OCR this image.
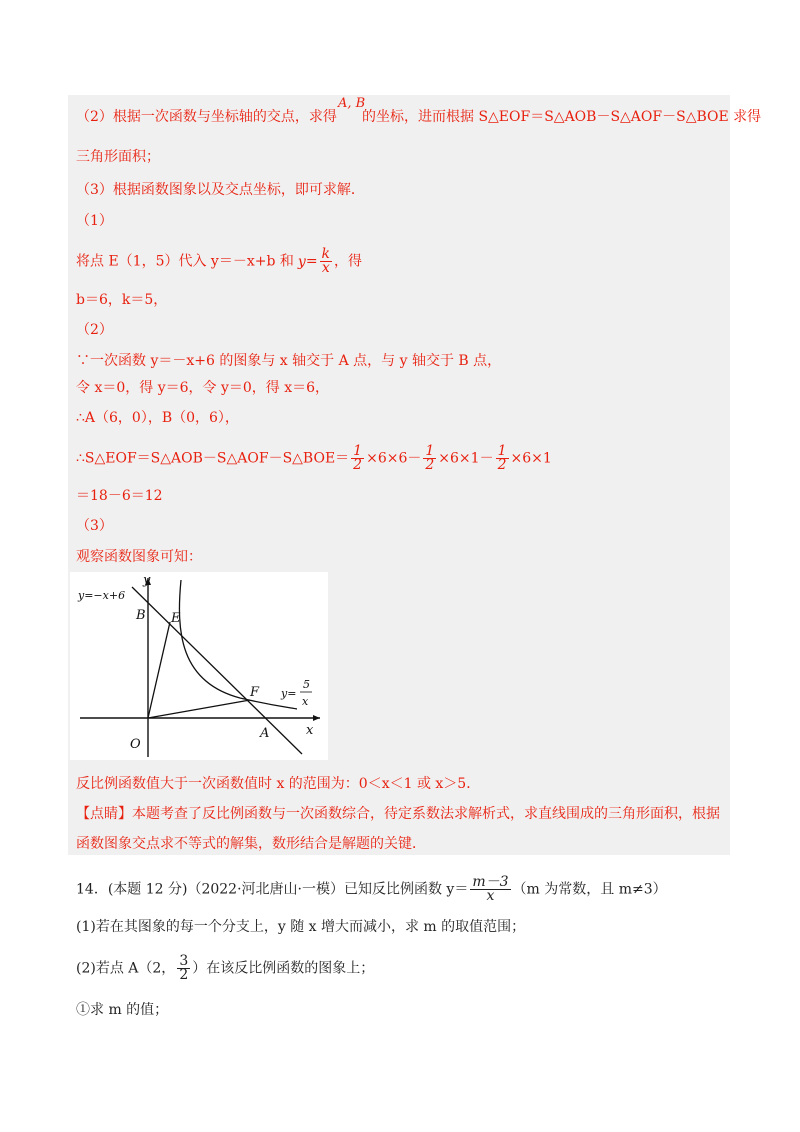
（2）根据一次函数与坐标轴的交点，求得
A, B
的坐标，进而根据 S△EOF＝S△AOB－S△AOF－S△BOE 求得
三角形面积；
（3）根据函数图象以及交点坐标，即可求解．
（1）
将点 E（1，5）代入 y＝－x+b 和 $y= \frac{k}{x}$ ，得
b＝6，k＝5，
（2）
∵一次函数 y＝－x+6 的图象与 x 轴交于 A 点，与 y 轴交于 B 点，
令 x＝0，得 y＝6，令 y＝0，得 x＝6，
∴A（6，0），B（0，6），
∴S△EOF＝S△AOB－S△AOF－S△BOE＝ $\frac{1}{2} \times 6\times 6- \frac{1}{2} \times 6\times 1- \frac{1}{2} \times 6\times 1$
＝18－6＝12
（3）
观察函数图象可知：
y=−x+6
y
x
O
A
B E
F y=
5
x
反比例函数值大于一次函数值时 x 的范围为：0＜x＜1 或 x＞5．
【点睛】本题考查了反比例函数与一次函数综合，待定系数法求解析式，求直线围成的三角形面积，根据
函数图象交点求不等式的解集，数形结合是解题的关键．
14．(本题 12 分)（2022·河北唐山·一模）已知反比例函数 $y= \frac{m-3}{x} (m$ 为常数，且 m≠3）
(1)若在其图象的每一个分支上，y 随 x 增大而减小，求 m 的取值范围；
(2)若点 A（2， $\frac{3}{2}$ ）在该反比例函数的图象上；
①求 m 的值；
